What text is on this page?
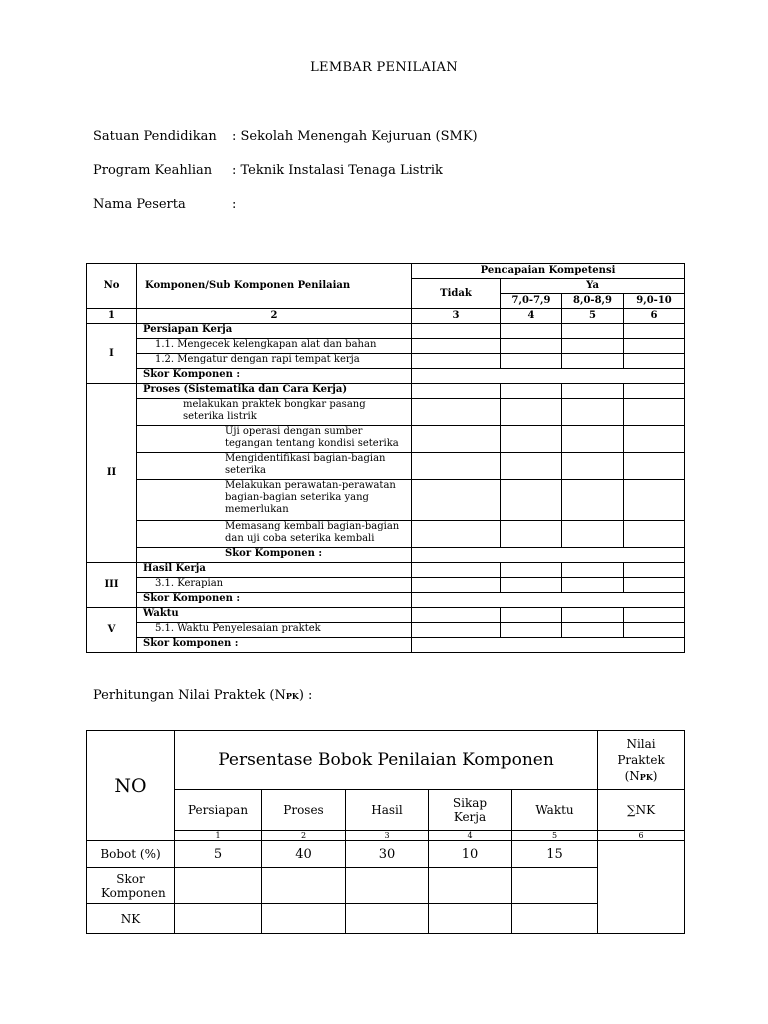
LEMBAR PENILAIAN
Satuan Pendidikan : Sekolah Menengah Kejuruan (SMK)
Program Keahlian : Teknik Instalasi Tenaga Listrik
Nama Peserta	:
No	Komponen/Sub Komponen Penilaian	Pencapaian Kompetensi			
		Tidak	Ya		
			7,0-7,9	8,0-8,9	9,0-10
1	2	3	4	5	6
I	Persiapan Kerja				
	1.1. Mengecek kelengkapan alat dan bahan				
	1.2. Mengatur dengan rapi tempat kerja				
	Skor Komponen :				
II	Proses (Sistematika dan Cara Kerja)				

	melakukan praktek bongkar pasang
seterika listrik				

	Uji operasi dengan sumber
tegangan tentang kondisi seterika				

	Mengidentifikasi bagian-bagian
seterika				

	Melakukan perawatan-perawatan
bagian-bagian seterika yang
memerlukan				

	Memasang kembali bagian-bagian
dan uji coba seterika kembali				

	Skor Komponen :				
III	Hasil Kerja				
	3.1. Kerapian				
	Skor Komponen :				
V	Waktu				
	5.1. Waktu Penyelesaian praktek				
	Skor komponen :				
Perhitungan Nilai Praktek (NPK) :
NO	Persentase Bobok Penilaian Komponen					Nilai
Praktek
(NPK)

	Persiapan	Proses	Hasil	Sikap Kerja	Waktu	∑NK
	1	2	3	4	5	6
Bobot (%)	5	40	30	10	15	
Skor Komponen						
NK						
